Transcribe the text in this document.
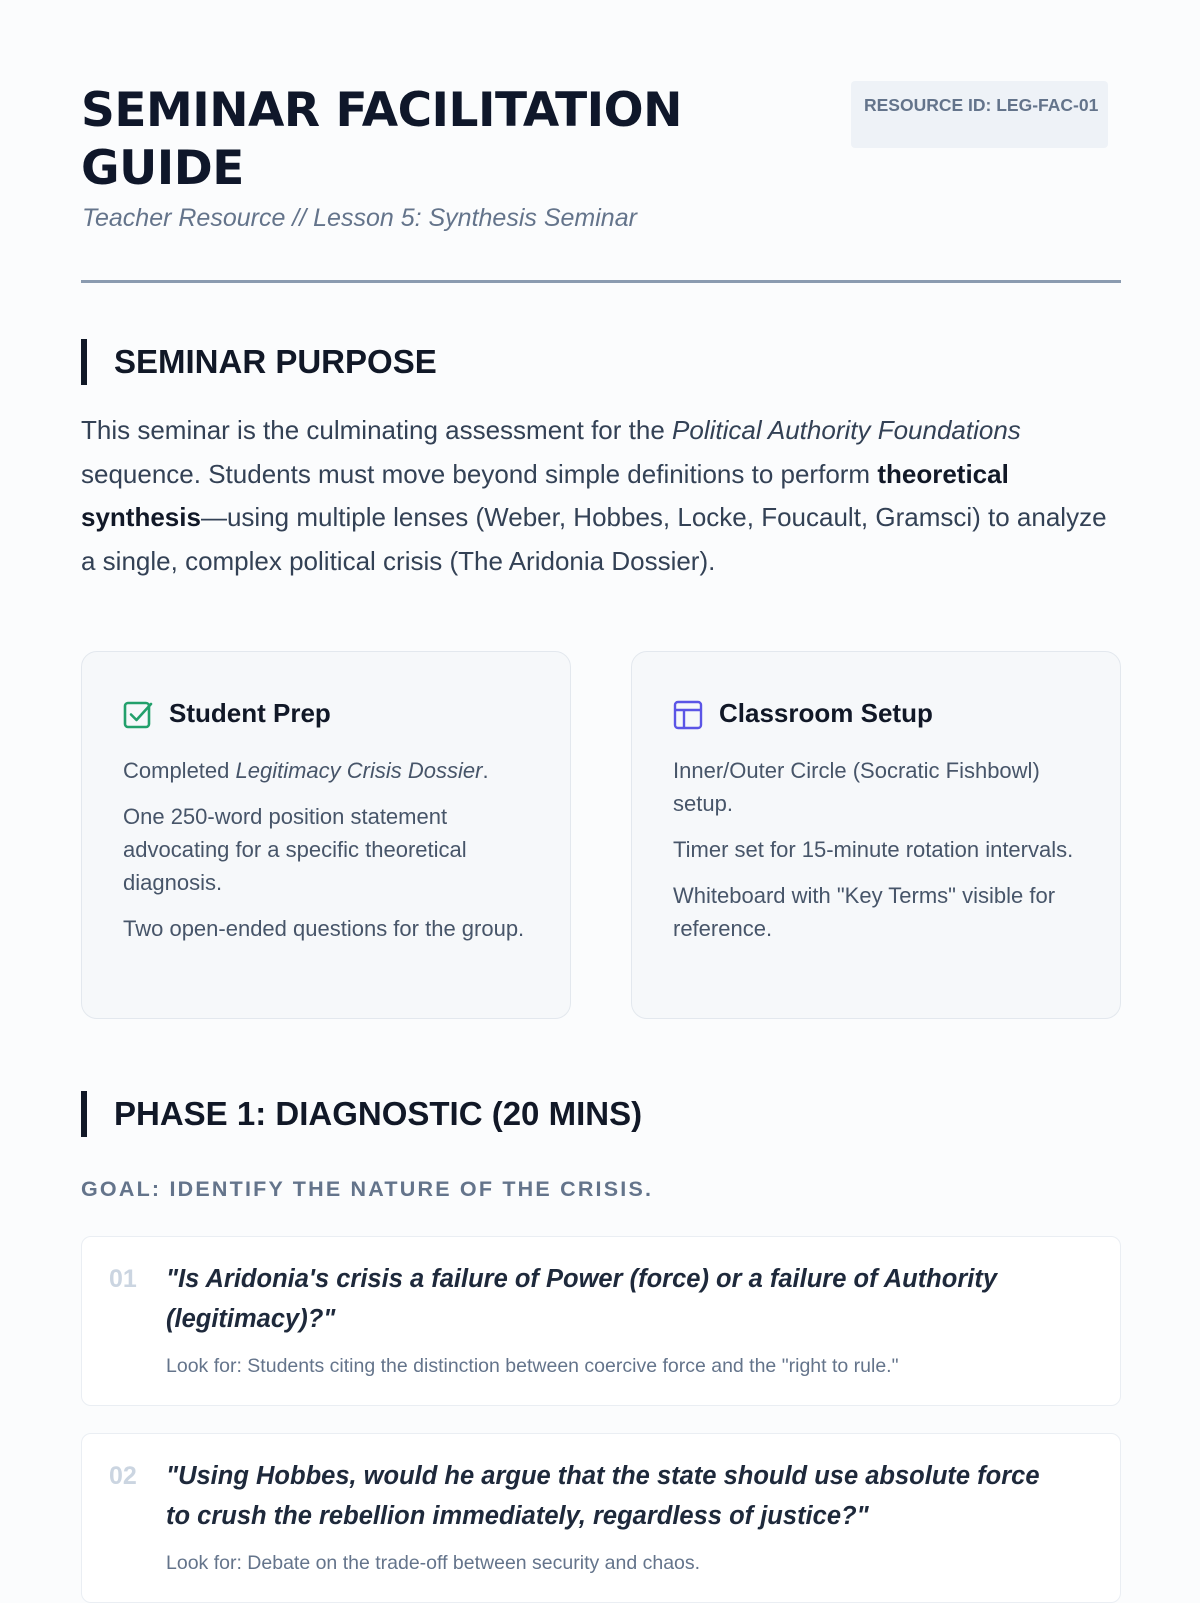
SEMINAR FACILITATION GUIDE
Teacher Resource // Lesson 5: Synthesis Seminar
RESOURCE ID: LEG-FAC-01
SEMINAR PURPOSE

This seminar is the culminating assessment for the Political Authority Foundations sequence. Students must move beyond simple definitions to perform theoretical synthesis—using multiple lenses (Weber, Hobbes, Locke, Foucault, Gramsci) to analyze a single, complex political crisis (The Aridonia Dossier).

Student Prep
Completed Legitimacy Crisis Dossier.
One 250-word position statement advocating for a specific theoretical diagnosis.
Two open-ended questions for the group.
Classroom Setup
Inner/Outer Circle (Socratic Fishbowl) setup.
Timer set for 15-minute rotation intervals.
Whiteboard with "Key Terms" visible for reference.
PHASE 1: DIAGNOSTIC (20 MINS)
GOAL: IDENTIFY THE NATURE OF THE CRISIS.
01 "Is Aridonia's crisis a failure of Power (force) or a failure of Authority (legitimacy)?"
Look for: Students citing the distinction between coercive force and the "right to rule."
02 "Using Hobbes, would he argue that the state should use absolute force to crush the rebellion immediately, regardless of justice?"
Look for: Debate on the trade-off between security and chaos.
